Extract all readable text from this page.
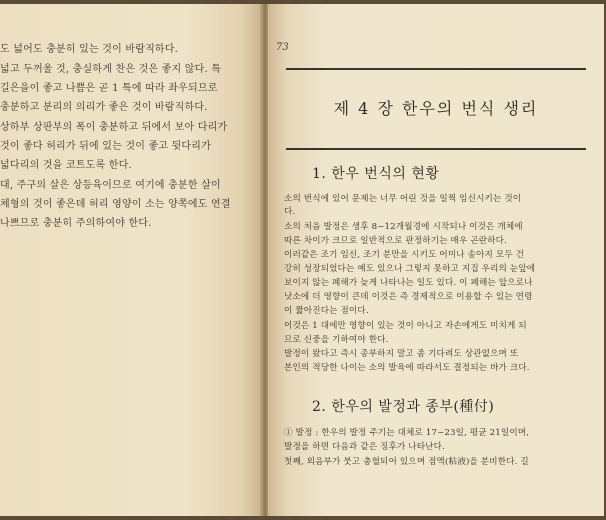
도 넓어도 충분히 있는 것이 바람직하다.
넓고 두꺼울 것, 충실하게 찬은 것은 좋지 않다. 특
길은을이 좋고 나쁨은 곧 1 특에 따라 좌우되므로
충분하고 분리의 의리가 좋은 것이 바람직하다.
상하부 상판부의 폭이 충분하고 뒤에서 보아 다리가
것이 좋다 허리가 뒤에 있는 것이 좋고 뒷다리가
넓다리의 것을 코트도록 한다.
대, 주구의 살은 상등육이므로 여기에 충분한 살이
체형의 것이 좋은데 허리 영양이 소는 양쪽에도 연결
나쁘므로 충분히 주의하여야 한다.
73
제 4 장 한우의 번식 생리
1. 한우 번식의 현황
소의 번식에 있어 문제는 너무 어린 것을 일찍 임신시키는 것이
다.
소의 처음 발정은 생후 8~12개월경에 시작되나 이것은 개체에
따른 차이가 크므로 일반적으로 판정하기는 매우 곤란하다.
이러같은 조기 임신, 조기 분만을 시키도 어미나 송아지 모두 건
강히 성장되었다는 예도 있으나 그렇지 못하고 지집 우리의 눈앞에
보이지 않는 폐해가 늦게 나타나는 일도 있다. 이 폐해는 앞으로나
낫소에 더 영향이 큰데 이것은 즉 경제적으로 이용할 수 있는 연령
이 짧아진다는 점이다.
이것은 1 대에만 영향이 있는 것이 아니고 자손에게도 미치게 되
므로 신중을 기하여야 한다.
발정이 왔다고 즉시 종부하지 말고 좀 기다려도 상관없으며 또
본인의 적당한 나이는 소의 발육에 따라서도 결정되는 바가 크다.
2. 한우의 발정과 종부(種付)
① 발정 : 한우의 발정 주기는 대체로 17~23일, 평균 21일이며,
발정을 하면 다음과 같은 징후가 나타난다.
첫째, 외음부가 붓고 충혈되어 있으며 점액(粘液)을 분비한다. 길
